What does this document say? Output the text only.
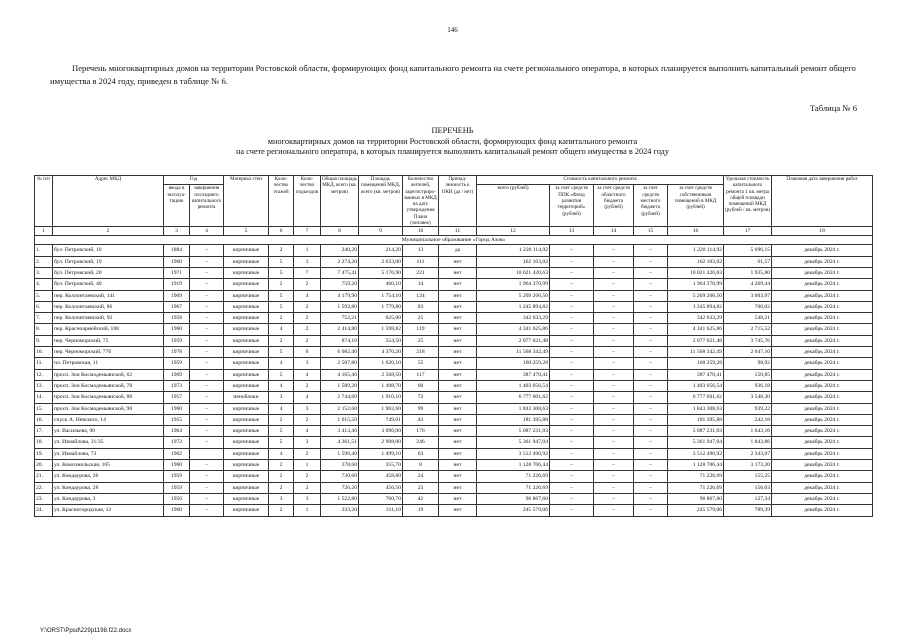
146
Перечень многоквартирных домов на территории Ростовской области, формирующих фонд капитального ремонта на счете регионального оператора, в которых планируется выполнить капитальный ремонт общего имущества в 2024 году, приведен в таблице № 6.
Таблица № 6
ПЕРЕЧЕНЬ
многоквартирных домов на территории Ростовской области, формирующих фонд капитального ремонта
на счете регионального оператора, в которых планируется выполнить капитальный ремонт общего имущества в 2024 году
№ п/п	Адрес МКД	Год		Материал стен	Количество этажей	Количество подъездов	Общая площадь МКД, всего (кв. метров)	Площадь помещений МКД, всего (кв. метров)	Количество жителей, зарегистрированных в МКД на дату утверждения Плана (человек)	Принадлежность к ОКН (да / нет)	Стоимость капитального ремонта					Удельная стоимость капитального ремонта 1 кв. метра общей площади помещений МКД (рублей / кв. метров)	Плановая дата завершения работ
		ввода в эксплуатацию	завершения последнего капитального ремонта								всего (рублей)	за счет средств ППК «Фонд развития территорий» (рублей)	за счет средств областного бюджета (рублей)	за счет средств местного бюджета (рублей)	за счет средств собственников помещений в МКД (рублей)		
1	2	3	4	5	6	7	8	9	10	11	12	13	14	15	16	17	18
Муниципальное образование «Город Азов»																	
1.	бул. Петровский, 10	1884	–	кирпичные	2	1	240,20	214,20	13	да	1 220 114,92	–	–	–	1 220 114,92	5 696,15	декабрь 2024 г.
2.	бул. Петровский, 19	1960	–	кирпичные	5	3	3 274,20	2 633,00	111	нет	162 103,02	–	–	–	162 103,02	61,57	декабрь 2024 г.
3.	бул. Петровский, 20	1971	–	кирпичные	5	7	7 475,41	5 176,90	221	нет	10 021 420,63	–	–	–	10 021 420,63	1 935,80	декабрь 2024 г.
4.	бул. Петровский, 40	1919	–	кирпичные	2	2	759,20	460,10	14	нет	1 964 370,99	–	–	–	1 964 370,99	4 269,44	декабрь 2024 г.
5.	пер. Коллонтаевский, 141	1969	–	кирпичные	5	4	4 179,90	1 754,10	124	нет	5 269 266,50	–	–	–	5 269 266,50	3 003,97	декабрь 2024 г.
6.	пер. Коллонтаевский, 86	1967	–	кирпичные	5	2	1 592,80	1 779,80	83	нет	1 245 894,82	–	–	–	1 245 894,82	700,02	декабрь 2024 г.
7.	пер. Коллонтаевский, 92	1958	–	кирпичные	2	2	752,21	625,00	25	нет	342 633,29	–	–	–	342 633,29	548,21	декабрь 2024 г.
8.	пер. Красноармейский, 108	1960	–	кирпичные	4	2	2 414,80	1 598,82	119	нет	4 341 625,86	–	–	–	4 341 625,86	2 715,52	декабрь 2024 г.
9.	пер. Черноморский, 75	1959	–	кирпичные	2	2	874,10	554,50	25	нет	2 077 021,48	–	–	–	2 077 021,48	3 745,76	декабрь 2024 г.
10.	пер. Черноморский, 77б	1978	–	кирпичные	5	6	6 082,40	4 370,20	218	нет	11 568 342,49	–	–	–	11 568 342,49	2 647,10	декабрь 2024 г.
11.	пл. Петровская, 11	1959	–	кирпичные	4	3	2 507,80	1 620,10	55	нет	160 259,28	–	–	–	160 259,28	98,92	декабрь 2024 г.
12.	просп. Зои Космодемьянской, 62	1969	–	кирпичные	5	4	4 165,40	2 568,50	117	нет	387 470,41	–	–	–	387 470,41	150,85	декабрь 2024 г.
13.	просп. Зои Космодемьянской, 78	1973	–	кирпичные	4	2	1 589,20	1 498,70	60	нет	1 403 056,54	–	–	–	1 403 056,54	936,18	декабрь 2024 г.
14.	просп. Зои Космодемьянской, 88	1957	–	пеноблоки	3	4	2 744,60	1 910,10	72	нет	6 777 601,62	–	–	–	6 777 601,62	3 548,30	декабрь 2024 г.
15.	просп. Зои Космодемьянской, 90	1960	–	кирпичные	4	3	2 152,60	1 962,60	99	нет	1 843 308,63	–	–	–	1 843 308,63	939,22	декабрь 2024 г.
16.	спуск А. Невского, 14	1955	–	кирпичные	2	2	1 015,50	749,01	43	нет	181 395,88	–	–	–	181 395,88	242,18	декабрь 2024 г.
17.	ул. Васильева, 90	1964	–	кирпичные	5	4	3 413,40	3 096,00	176	нет	5 087 231,03	–	–	–	5 087 231,03	1 643,16	декабрь 2024 г.
18.	ул. Измайлова, 31/35	1972	–	кирпичные	5	3	4 361,51	2 908,00	246	нет	5 361 947,04	–	–	–	5 361 947,04	1 843,86	декабрь 2024 г.
19.	ул. Измайлова, 73	1962		кирпичные	4	2	1 596,40	1 499,10	63	нет	3 512 490,92	–	–	–	3 512 490,92	2 343,07	декабрь 2024 г.
20.	ул. Комсомольская, 165	1960	–	кирпичные	2	1	378,60	355,70	8	нет	1 128 706,44	–	–	–	1 128 706,44	3 173,20	декабрь 2024 г.
21.	ул. Кондаурова, 26	1959	–	кирпичные	2	2	730,60	458,80	24	нет	71 226,69	–	–	–	71 226,69	155,25	декабрь 2024 г.
22.	ул. Кондаурова, 28	1959	–	кирпичные	2	2	726,20	456,50	23	нет	71 226,69	–	–	–	71 226,69	156,03	декабрь 2024 г.
23.	ул. Кондаурова, 3	1956	–	кирпичные	3	3	1 522,80	760,70	42	нет	96 867,60	–	–	–	96 867,60	127,34	декабрь 2024 г.
24.	ул. Красногородская, 12	1960	–	кирпичные	2	1	333,20	311,10	19	нет	245 579,06	–	–	–	245 579,06	789,39	декабрь 2024 г.
Y:\ORST\Ppsd\229p1198.f22.docx
